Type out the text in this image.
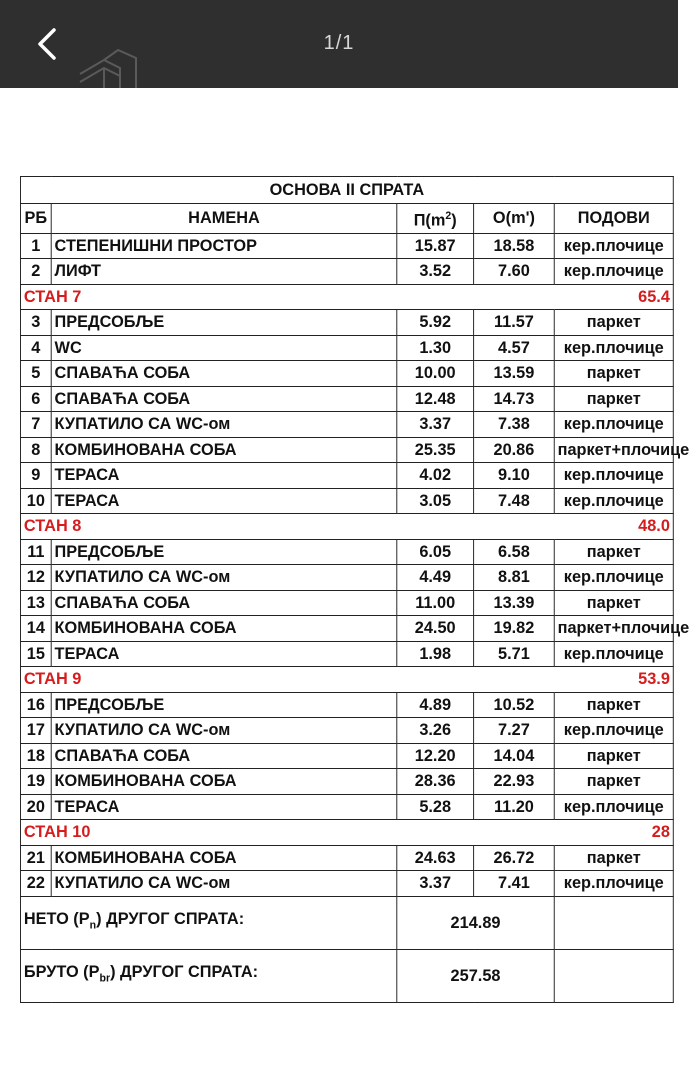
1/1
ОСНОВА II СПРАТА				
РБ	НАМЕНА	$П(m^2)$	О(m')	ПОДОВИ
1	СТЕПЕНИШНИ ПРОСТОР	15.87	18.58	кер.плочице
2	ЛИФТ	3.52	7.60	кер.плочице
СТАН 7				65.4
3	ПРЕДСОБЉЕ	5.92	11.57	паркет
4	WC	1.30	4.57	кер.плочице
5	СПАВАЋА СОБА	10.00	13.59	паркет
6	СПАВАЋА СОБА	12.48	14.73	паркет
7	КУПАТИЛО СА WC-ом	3.37	7.38	кер.плочице
8	КОМБИНОВАНА СОБА	25.35	20.86	паркет+плочице
9	ТЕРАСА	4.02	9.10	кер.плочице
10	ТЕРАСА	3.05	7.48	кер.плочице
СТАН 8				48.0
11	ПРЕДСОБЉЕ	6.05	6.58	паркет
12	КУПАТИЛО СА WC-ом	4.49	8.81	кер.плочице
13	СПАВАЋА СОБА	11.00	13.39	паркет
14	КОМБИНОВАНА СОБА	24.50	19.82	паркет+плочице
15	ТЕРАСА	1.98	5.71	кер.плочице
СТАН 9				53.9
16	ПРЕДСОБЉЕ	4.89	10.52	паркет
17	КУПАТИЛО СА WC-ом	3.26	7.27	кер.плочице
18	СПАВАЋА СОБА	12.20	14.04	паркет
19	КОМБИНОВАНА СОБА	28.36	22.93	паркет
20	ТЕРАСА	5.28	11.20	кер.плочице
СТАН 10				28
21	КОМБИНОВАНА СОБА	24.63	26.72	паркет
22	КУПАТИЛО СА WC-ом	3.37	7.41	кер.плочице
НЕТО $(P_n)$ ДРУГОГ СПРАТА:		214.89		
БРУТО $(P_{br})$ ДРУГОГ СПРАТА:		257.58		
